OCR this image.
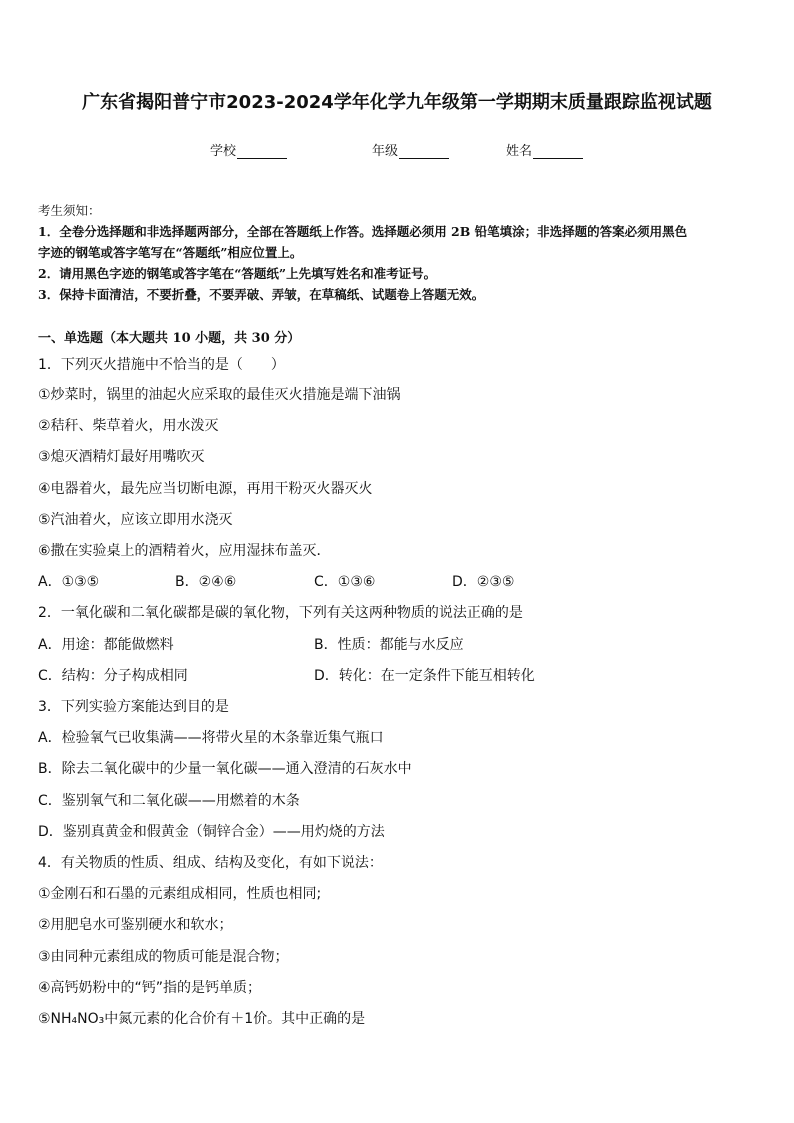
广东省揭阳普宁市2023-2024学年化学九年级第一学期期末质量跟踪监视试题
学校	年级	姓名
考生须知：
1．全卷分选择题和非选择题两部分，全部在答题纸上作答。选择题必须用 2B 铅笔填涂；非选择题的答案必须用黑色
字迹的钢笔或答字笔写在“答题纸”相应位置上。
2．请用黑色字迹的钢笔或答字笔在“答题纸”上先填写姓名和准考证号。
3．保持卡面清洁，不要折叠，不要弄破、弄皱，在草稿纸、试题卷上答题无效。
一、单选题（本大题共 10 小题，共 30 分）
1．下列灭火措施中不恰当的是（　　）
①炒菜时，锅里的油起火应采取的最佳灭火措施是端下油锅
②秸秆、柴草着火，用水泼灭
③熄灭酒精灯最好用嘴吹灭
④电器着火，最先应当切断电源，再用干粉灭火器灭火
⑤汽油着火，应该立即用水浇灭
⑥撒在实验桌上的酒精着火，应用湿抹布盖灭．
A．①③⑤	B．②④⑥	C．①③⑥	D．②③⑤
2．一氧化碳和二氧化碳都是碳的氧化物，下列有关这两种物质的说法正确的是
A．用途：都能做燃料	B．性质：都能与水反应
C．结构：分子构成相同	D．转化：在一定条件下能互相转化
3．下列实验方案能达到目的是
A．检验氧气已收集满——将带火星的木条靠近集气瓶口
B．除去二氧化碳中的少量一氧化碳——通入澄清的石灰水中
C．鉴别氧气和二氧化碳——用燃着的木条
D．鉴别真黄金和假黄金（铜锌合金）——用灼烧的方法
4．有关物质的性质、组成、结构及变化，有如下说法：
①金刚石和石墨的元素组成相同，性质也相同;
②用肥皂水可鉴别硬水和软水；
③由同种元素组成的物质可能是混合物；
④高钙奶粉中的“钙”指的是钙单质；
⑤NH₄NO₃中氮元素的化合价有＋1价。其中正确的是
